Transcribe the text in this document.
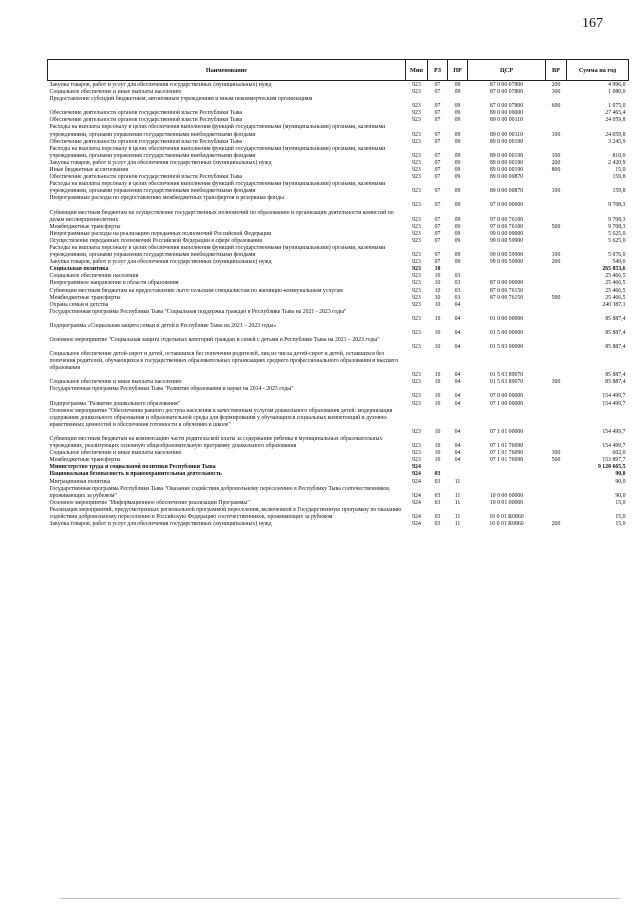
167
Наименование	Мин	РЗ	ПР	ЦСР	ВР	Сумма на год
Закупка товаров, работ и услуг для обеспечения государственных (муниципальных) нужд	923	07	09	87 0 00 07800	200	4 996,0
Социальное обеспечение и иные выплаты населению	923	07	09	87 0 00 07800	300	1 080,0
Предоставление субсидий бюджетным, автономным учреждениям и иным некоммерческим организациям	923	07	09	87 0 00 07800	600	1 075,0
Обеспечение деятельности органов государственной власти Республики Тыва	923	07	09	89 0 00 00000		27 465,4
Обеспечение деятельности органов государственной власти Республики Тыва	923	07	09	89 0 00 00110		24 059,8
Расходы на выплаты персоналу в целях обеспечения выполнения функций государственными (муниципальными) органами, казенными учреждениями, органами управления государственными внебюджетными фондами	923	07	09	89 0 00 00110	100	24 059,8
Обеспечение деятельности органов государственной власти Республики Тыва	923	07	09	89 0 00 00190		3 245,9
Расходы на выплаты персоналу в целях обеспечения выполнения функций государственными (муниципальными) органами, казенными учреждениями, органами управления государственными внебюджетными фондами	923	07	09	89 0 00 00190	100	810,0
Закупка товаров, работ и услуг для обеспечения государственных (муниципальных) нужд	923	07	09	89 0 00 00190	200	2 420,9
Иные бюджетные ассигнования	923	07	09	89 0 00 00190	800	15,0
Обеспечение деятельности органов государственной власти Республики Тыва	923	07	09	89 0 00 00870		159,8
Расходы на выплаты персоналу в целях обеспечения выполнения функций государственными (муниципальными) органами, казенными учреждениями, органами управления государственными внебюджетными фондами	923	07	09	89 0 00 00870	100	159,8
Непрограммные расходы по предоставлению межбюджетных трансфертов и резервные фонды	923	07	09	97 0 00 00000		9 708,3
Субвенции местным бюджетам на осуществление государственных полномочий по образованию и организации деятельности комиссий по делам несовершеннолетних	923	07	09	97 0 00 76100		9 708,3
Межбюджетные трансферты	923	07	09	97 0 00 76100	500	9 708,3
Непрограммные расходы на реализацию переданных полномочий Российской Федерации	923	07	09	99 0 00 00000		5 625,0
Осуществление переданных полномочий Российской Федерации в сфере образования	923	07	09	99 0 00 59900		5 625,0
Расходы на выплаты персоналу в целях обеспечения выполнения функций государственными (муниципальными) органами, казенными учреждениями, органами управления государственными внебюджетными фондами	923	07	09	99 0 00 59900	100	5 076,0
Закупка товаров, работ и услуг для обеспечения государственных (муниципальных) нужд	923	07	09	99 0 00 59900	200	549,0
Социальная политика	923	10				265 853,6
Социальное обеспечение населения	923	10	03			25 466,5
Непрограммное направление в области образования	923	10	03	87 0 00 00000		25 466,5
Субвенции местным бюджетам на предоставление льгот сельским специалистам по жилищно-коммунальным услугам	923	10	03	87 0 00 76150		25 466,5
Межбюджетные трансферты	923	10	03	87 0 00 76150	500	25 466,5
Охрана семьи и детства	923	10	04			240 387,1
Государственная программа Республики Тыва "Социальная поддержка граждан в Республике Тыва на 2021 - 2023 годы"	923	10	04	01 0 00 00000		85 887,4
Подпрограмма «Социальная защита семьи и детей в Республике Тыва на 2021 – 2023 годы»	923	10	04	01 5 00 00000		85 887,4
Основное мероприятие "Социальная защита отдельных категорий граждан и семей с детьми в Республике Тыва на 2021 – 2023 годы"	923	10	04	01 5 03 00000		85 887,4
Социальное обеспечение детей-сирот и детей, оставшихся без попечения родителей, лиц из числа детей-сирот и детей, оставшихся без попечения родителей, обучающихся в государственных образовательных организациях среднего профессионального образования и высшего образования	923	10	04	01 5 03 89070		85 887,4
Социальное обеспечение и иные выплаты населению	923	10	04	01 5 03 89070	300	85 887,4
Государственная программа Республики Тыва "Развитие образования и науки на 2014 - 2025 годы"	923	10	04	07 0 00 00000		154 499,7
Подпрограмма "Развитие дошкольного образования"	923	10	04	07 1 00 00000		154 499,7
Основное мероприятие "Обеспечение равного доступа населения к качественным услугам дошкольного образования детей: модернизация содержания дошкольного образования и образовательной среды для формирования у обучающихся социальных компетенций и духовно-нравственных ценностей и обеспечения готовности к обучению в школе"	923	10	04	07 1 01 00000		154 499,7
Субвенции местным бюджетам на компенсацию части родительской платы за содержание ребенка в муниципальных образовательных учреждениях, реализующих основную общеобразовательную программу дошкольного образования	923	10	04	07 1 01 76090		154 499,7
Социальное обеспечение и иные выплаты населению	923	10	04	07 1 01 76090	300	602,0
Межбюджетные трансферты	923	10	04	07 1 01 76090	500	153 897,7
Министерство труда и социальной политики Республики Тыва	924					9 128 665,5
Национальная безопасность и правоохранительная деятельность	924	03				90,0
Миграционная политика	924	03	11			90,0
Государственная программа Республики Тыва "Оказание содействия добровольному переселению в Республику Тыва соотечественников, проживающих за рубежом"	924	03	11	10 0 00 00000		90,0
Основное мероприятие "Информационное обеспечение реализации Программы"	924	03	11	10 0 01 00000		15,0
Реализация мероприятий, предусмотренных региональной программой переселения, включенной в Государственную программу по оказанию содействия добровольному переселению в Российскую Федерацию соотечественников, проживающих за рубежом	924	03	11	10 0 01 R0860		15,0
Закупка товаров, работ и услуг для обеспечения государственных (муниципальных) нужд	924	03	11	10 0 01 R0860	200	15,0
